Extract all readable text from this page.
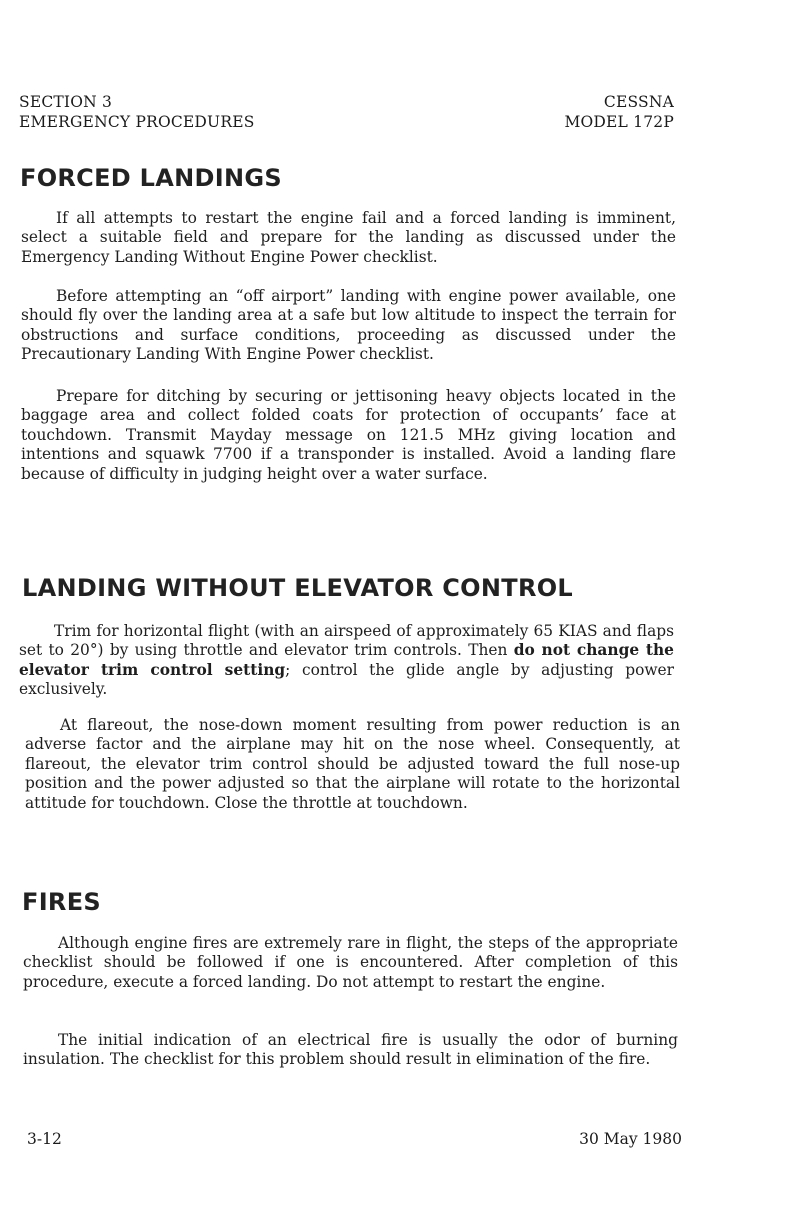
SECTION 3
EMERGENCY PROCEDURES
CESSNA
MODEL 172P
FORCED LANDINGS

If all attempts to restart the engine fail and a forced landing is imminent, select a suitable field and prepare for the landing as discussed under the Emergency Landing Without Engine Power checklist.

Before attempting an “off airport” landing with engine power available, one should fly over the landing area at a safe but low altitude to inspect the terrain for obstructions and surface conditions, proceeding as discussed under the Precautionary Landing With Engine Power checklist.

Prepare for ditching by securing or jettisoning heavy objects located in the baggage area and collect folded coats for protection of occupants’ face at touchdown. Transmit Mayday message on 121.5 MHz giving location and intentions and squawk 7700 if a transponder is installed. Avoid a landing flare because of difficulty in judging height over a water surface.

LANDING WITHOUT ELEVATOR CONTROL

Trim for horizontal flight (with an airspeed of approximately 65 KIAS and flaps set to 20°) by using throttle and elevator trim controls. Then do not change the elevator trim control setting; control the glide angle by adjusting power exclusively.

At flareout, the nose-down moment resulting from power reduction is an adverse factor and the airplane may hit on the nose wheel. Consequently, at flareout, the elevator trim control should be adjusted toward the full nose-up position and the power adjusted so that the airplane will rotate to the horizontal attitude for touchdown. Close the throttle at touchdown.

FIRES

Although engine fires are extremely rare in flight, the steps of the appropriate checklist should be followed if one is encountered. After completion of this procedure, execute a forced landing. Do not attempt to restart the engine.

The initial indication of an electrical fire is usually the odor of burning insulation. The checklist for this problem should result in elimination of the fire.

3-12	30 May 1980
